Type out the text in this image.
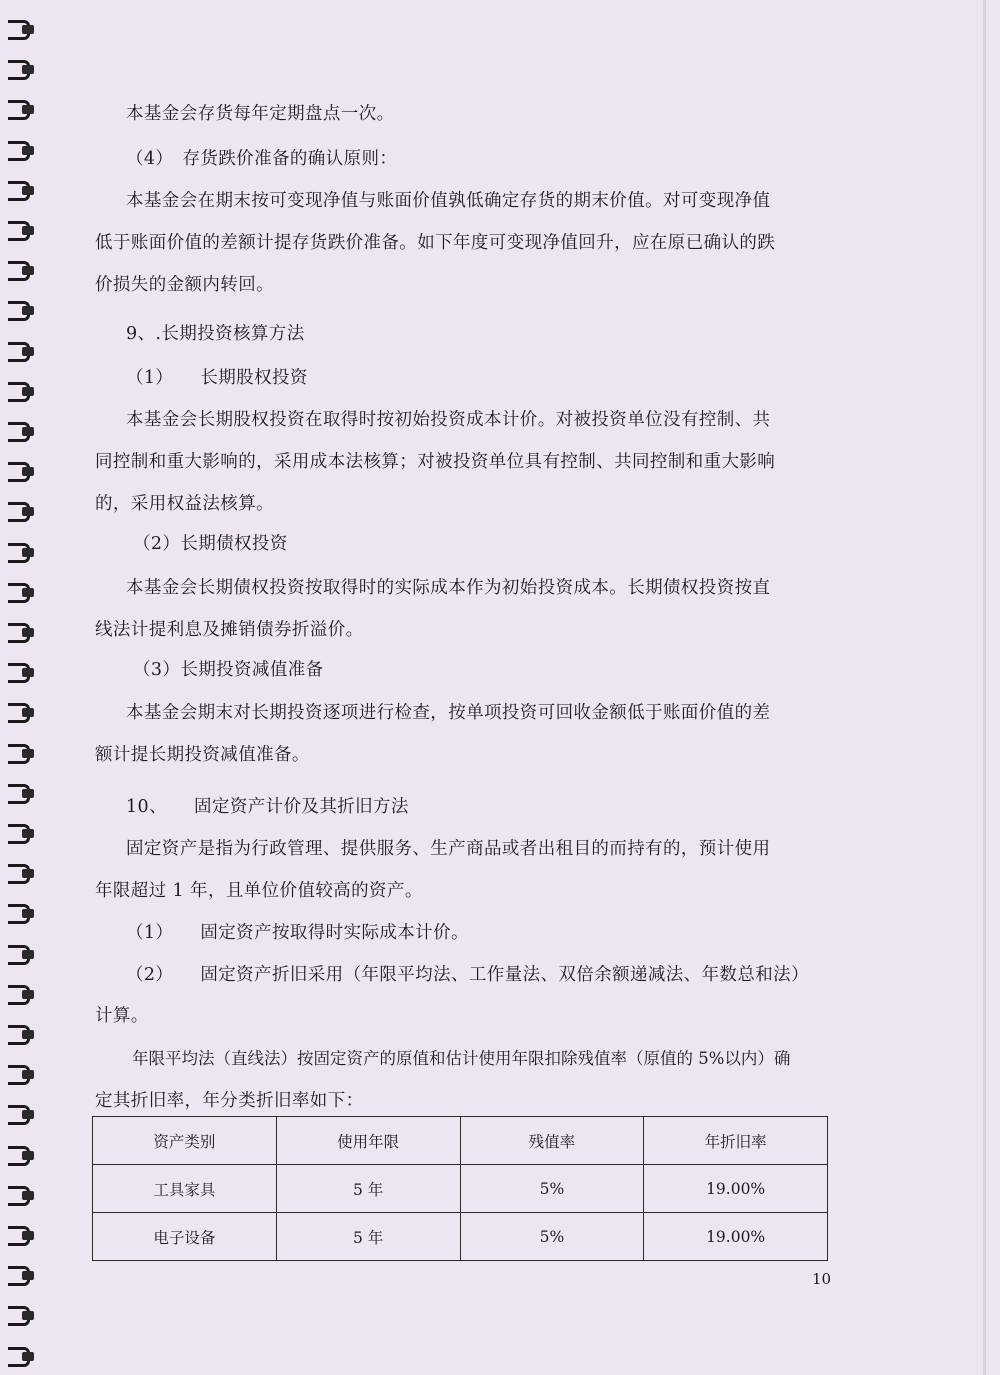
本基金会存货每年定期盘点一次。
（4）　存货跌价准备的确认原则：
本基金会在期末按可变现净值与账面价值孰低确定存货的期末价值。对可变现净值
低于账面价值的差额计提存货跌价准备。如下年度可变现净值回升，应在原已确认的跌
价损失的金额内转回。
9、.长期投资核算方法
（1）　　长期股权投资
本基金会长期股权投资在取得时按初始投资成本计价。对被投资单位没有控制、共
同控制和重大影响的，采用成本法核算；对被投资单位具有控制、共同控制和重大影响
的，采用权益法核算。
（2）长期债权投资
本基金会长期债权投资按取得时的实际成本作为初始投资成本。长期债权投资按直
线法计提利息及摊销债券折溢价。
（3）长期投资减值准备
本基金会期末对长期投资逐项进行检查，按单项投资可回收金额低于账面价值的差
额计提长期投资减值准备。
10、　　固定资产计价及其折旧方法
固定资产是指为行政管理、提供服务、生产商品或者出租目的而持有的，预计使用
年限超过 1 年，且单位价值较高的资产。
（1）　　固定资产按取得时实际成本计价。
（2）　　固定资产折旧采用（年限平均法、工作量法、双倍余额递减法、年数总和法）
计算。
年限平均法（直线法）按固定资产的原值和估计使用年限扣除残值率（原值的 5%以内）确
定其折旧率，年分类折旧率如下：
资产类别	使用年限	残值率	年折旧率
工具家具	5 年	5%	19.00%
电子设备	5 年	5%	19.00%
10
